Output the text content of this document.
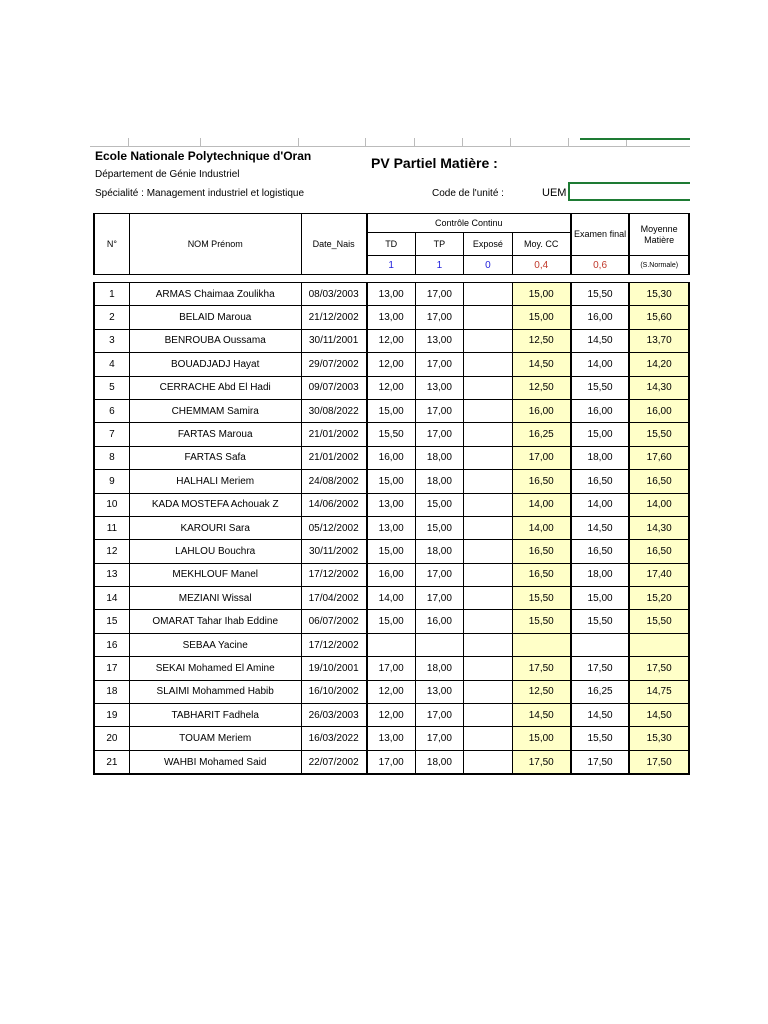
Ecole Nationale Polytechnique d'Oran
Département de Génie Industriel
Spécialité : Management industriel et logistique
PV Partiel Matière :
Code de l'unité :	UEM
N°	NOM Prénom	Date_Nais	Contrôle Continu				Examen final	Moyenne Matière
			TD	TP	Exposé	Moy. CC		
			1	1	0	0,4	0,6	(S.Normale)

1	ARMAS Chaimaa Zoulikha	08/03/2003	13,00	17,00		15,00	15,50	15,30
2	BELAID Maroua	21/12/2002	13,00	17,00		15,00	16,00	15,60
3	BENROUBA Oussama	30/11/2001	12,00	13,00		12,50	14,50	13,70
4	BOUADJADJ Hayat	29/07/2002	12,00	17,00		14,50	14,00	14,20
5	CERRACHE Abd El Hadi	09/07/2003	12,00	13,00		12,50	15,50	14,30
6	CHEMMAM Samira	30/08/2022	15,00	17,00		16,00	16,00	16,00
7	FARTAS Maroua	21/01/2002	15,50	17,00		16,25	15,00	15,50
8	FARTAS Safa	21/01/2002	16,00	18,00		17,00	18,00	17,60
9	HALHALI Meriem	24/08/2002	15,00	18,00		16,50	16,50	16,50
10	KADA MOSTEFA Achouak Z	14/06/2002	13,00	15,00		14,00	14,00	14,00
11	KAROURI Sara	05/12/2002	13,00	15,00		14,00	14,50	14,30
12	LAHLOU Bouchra	30/11/2002	15,00	18,00		16,50	16,50	16,50
13	MEKHLOUF Manel	17/12/2002	16,00	17,00		16,50	18,00	17,40
14	MEZIANI Wissal	17/04/2002	14,00	17,00		15,50	15,00	15,20
15	OMARAT Tahar Ihab Eddine	06/07/2002	15,00	16,00		15,50	15,50	15,50
16	SEBAA Yacine	17/12/2002						
17	SEKAI Mohamed El Amine	19/10/2001	17,00	18,00		17,50	17,50	17,50
18	SLAIMI Mohammed Habib	16/10/2002	12,00	13,00		12,50	16,25	14,75
19	TABHARIT Fadhela	26/03/2003	12,00	17,00		14,50	14,50	14,50
20	TOUAM Meriem	16/03/2022	13,00	17,00		15,00	15,50	15,30
21	WAHBI Mohamed Said	22/07/2002	17,00	18,00		17,50	17,50	17,50
